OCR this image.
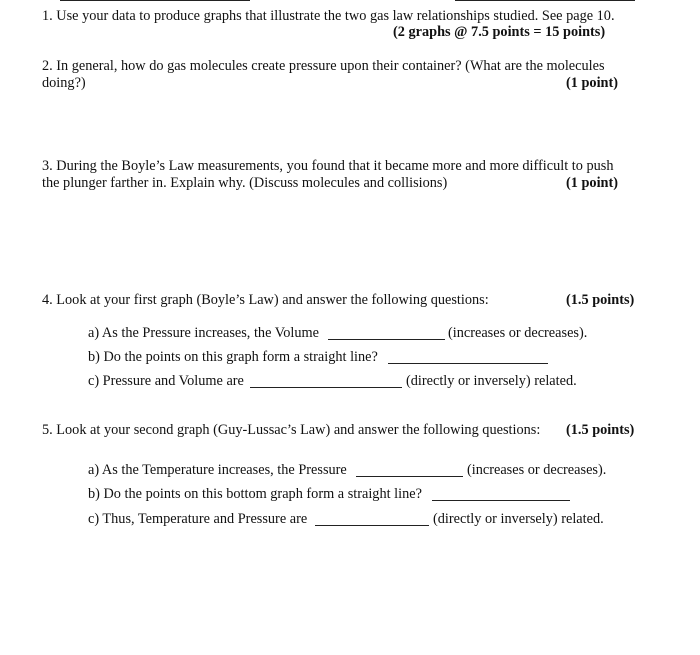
1. Use your data to produce graphs that illustrate the two gas law relationships studied. See page 10.
(2 graphs @ 7.5 points = 15 points)
2. In general, how do gas molecules create pressure upon their container? (What are the molecules
doing?)	(1 point)
3. During the Boyle’s Law measurements, you found that it became more and more difficult to push
the plunger farther in. Explain why. (Discuss molecules and collisions)	(1 point)
4. Look at your first graph (Boyle’s Law) and answer the following questions:	(1.5 points)
a) As the Pressure increases, the Volume	(increases or decreases).
b) Do the points on this graph form a straight line?
c) Pressure and Volume are	(directly or inversely) related.
5. Look at your second graph (Guy-Lussac’s Law) and answer the following questions: (1.5 points)
a) As the Temperature increases, the Pressure	(increases or decreases).
b) Do the points on this bottom graph form a straight line?
c) Thus, Temperature and Pressure are	(directly or inversely) related.
